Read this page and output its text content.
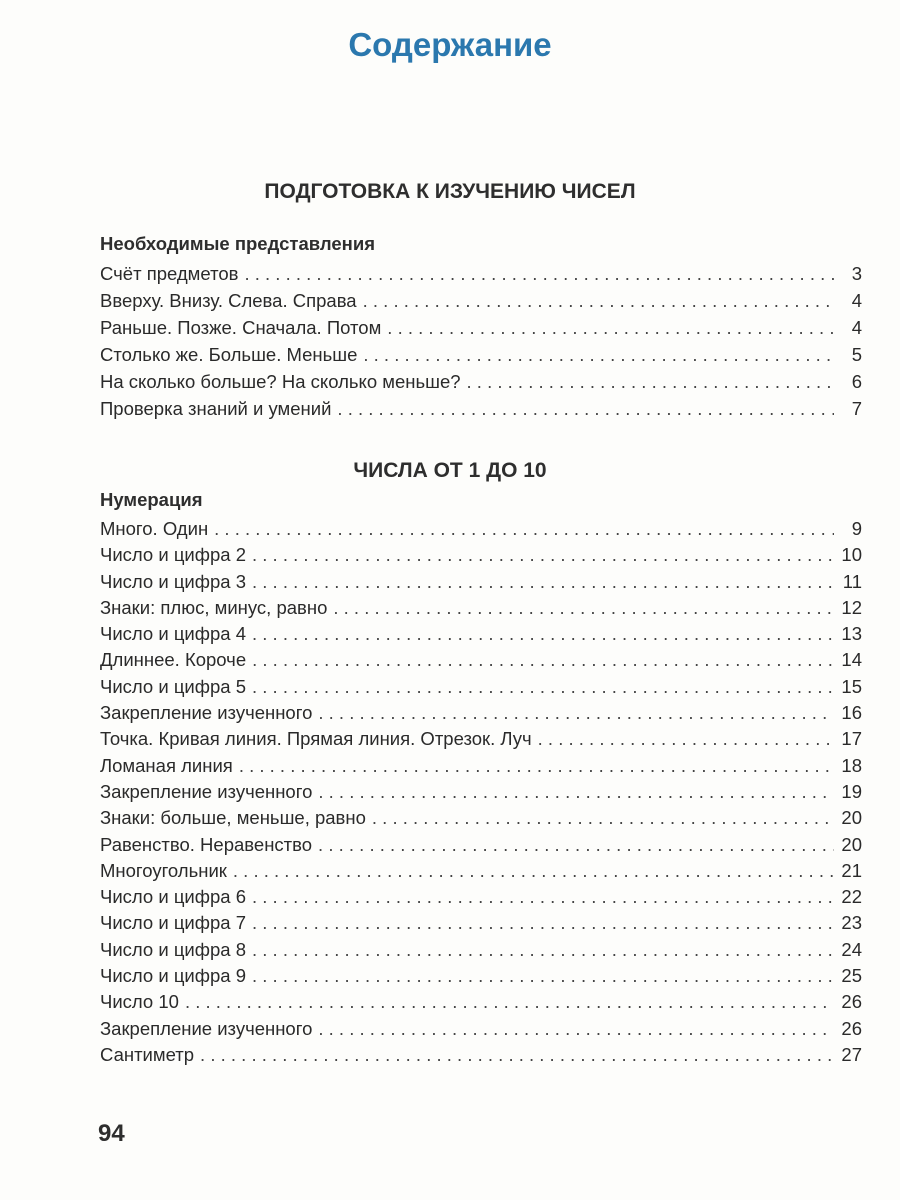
Содержание
ПОДГОТОВКА К ИЗУЧЕНИЮ ЧИСЕЛ
Необходимые представления
Счёт предметов . . .	3
Вверху. Внизу. Слева. Справа . . .	4
Раньше. Позже. Сначала. Потом . . .	4
Столько же. Больше. Меньше . . .	5
На сколько больше? На сколько меньше? . . .	6
Проверка знаний и умений . . .	7
ЧИСЛА ОТ 1 ДО 10
Нумерация
Много. Один . . .	9
Число и цифра 2 . . .	10
Число и цифра 3 . . .	11
Знаки: плюс, минус, равно . . .	12
Число и цифра 4 . . .	13
Длиннее. Короче . . .	14
Число и цифра 5 . . .	15
Закрепление изученного . . .	16
Точка. Кривая линия. Прямая линия. Отрезок. Луч . . .	17
Ломаная линия . . .	18
Закрепление изученного . . .	19
Знаки: больше, меньше, равно . . .	20
Равенство. Неравенство . . .	20
Многоугольник . . .	21
Число и цифра 6 . . .	22
Число и цифра 7 . . .	23
Число и цифра 8 . . .	24
Число и цифра 9 . . .	25
Число 10 . . .	26
Закрепление изученного . . .	26
Сантиметр . . .	27
94
